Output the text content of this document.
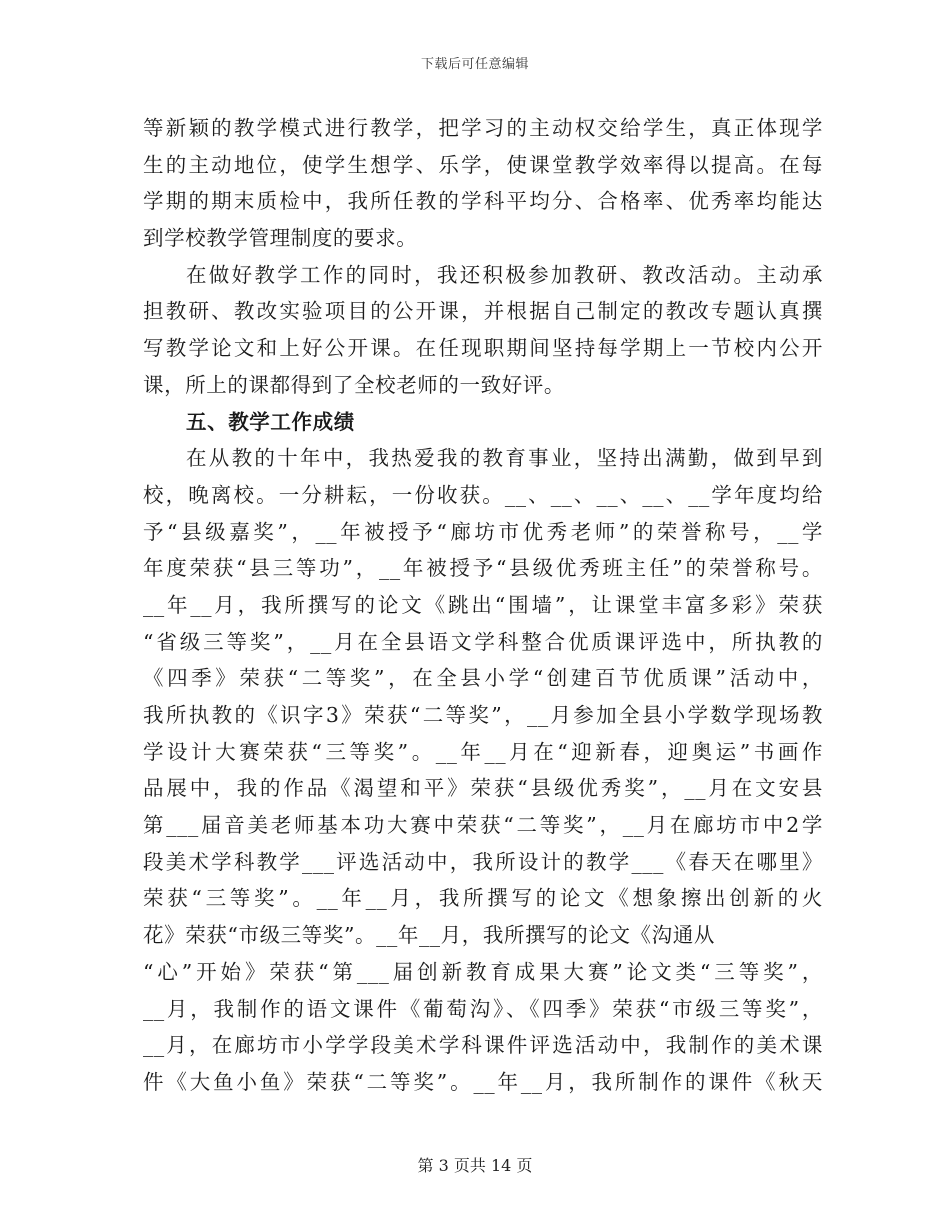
下载后可任意编辑
等新颖的教学模式进行教学，把学习的主动权交给学生，真正体现学
生的主动地位，使学生想学、乐学，使课堂教学效率得以提高。在每
学期的期末质检中，我所任教的学科平均分、合格率、优秀率均能达
到学校教学管理制度的要求。
在做好教学工作的同时，我还积极参加教研、教改活动。主动承
担教研、教改实验项目的公开课，并根据自己制定的教改专题认真撰
写教学论文和上好公开课。在任现职期间坚持每学期上一节校内公开
课，所上的课都得到了全校老师的一致好评。
五、教学工作成绩
在从教的十年中，我热爱我的教育事业，坚持出满勤，做到早到
校，晚离校。一分耕耘，一份收获。__、__、__、__、__学年度均给
予“县级嘉奖”，__年被授予“廊坊市优秀老师”的荣誉称号，__学
年度荣获“县三等功”，__年被授予“县级优秀班主任”的荣誉称号。
__年__月，我所撰写的论文《跳出“围墙”，让课堂丰富多彩》荣获
“省级三等奖”，__月在全县语文学科整合优质课评选中，所执教的
《四季》荣获“二等奖”，在全县小学“创建百节优质课”活动中，
我所执教的《识字3》荣获“二等奖”，__月参加全县小学数学现场教
学设计大赛荣获“三等奖”。__年__月在“迎新春，迎奥运”书画作
品展中，我的作品《渴望和平》荣获“县级优秀奖”，__月在文安县
第___届音美老师基本功大赛中荣获“二等奖”，__月在廊坊市中2学
段美术学科教学___评选活动中，我所设计的教学___《春天在哪里》
荣获“三等奖”。__年__月，我所撰写的论文《想象擦出创新的火
花》荣获“市级三等奖”。__年__月，我所撰写的论文《沟通从
“心”开始》荣获“第___届创新教育成果大赛”论文类“三等奖”，
__月，我制作的语文课件《葡萄沟》、《四季》荣获“市级三等奖”，
__月，在廊坊市小学学段美术学科课件评选活动中，我制作的美术课
件《大鱼小鱼》荣获“二等奖”。__年__月，我所制作的课件《秋天
第 3 页共 14 页
